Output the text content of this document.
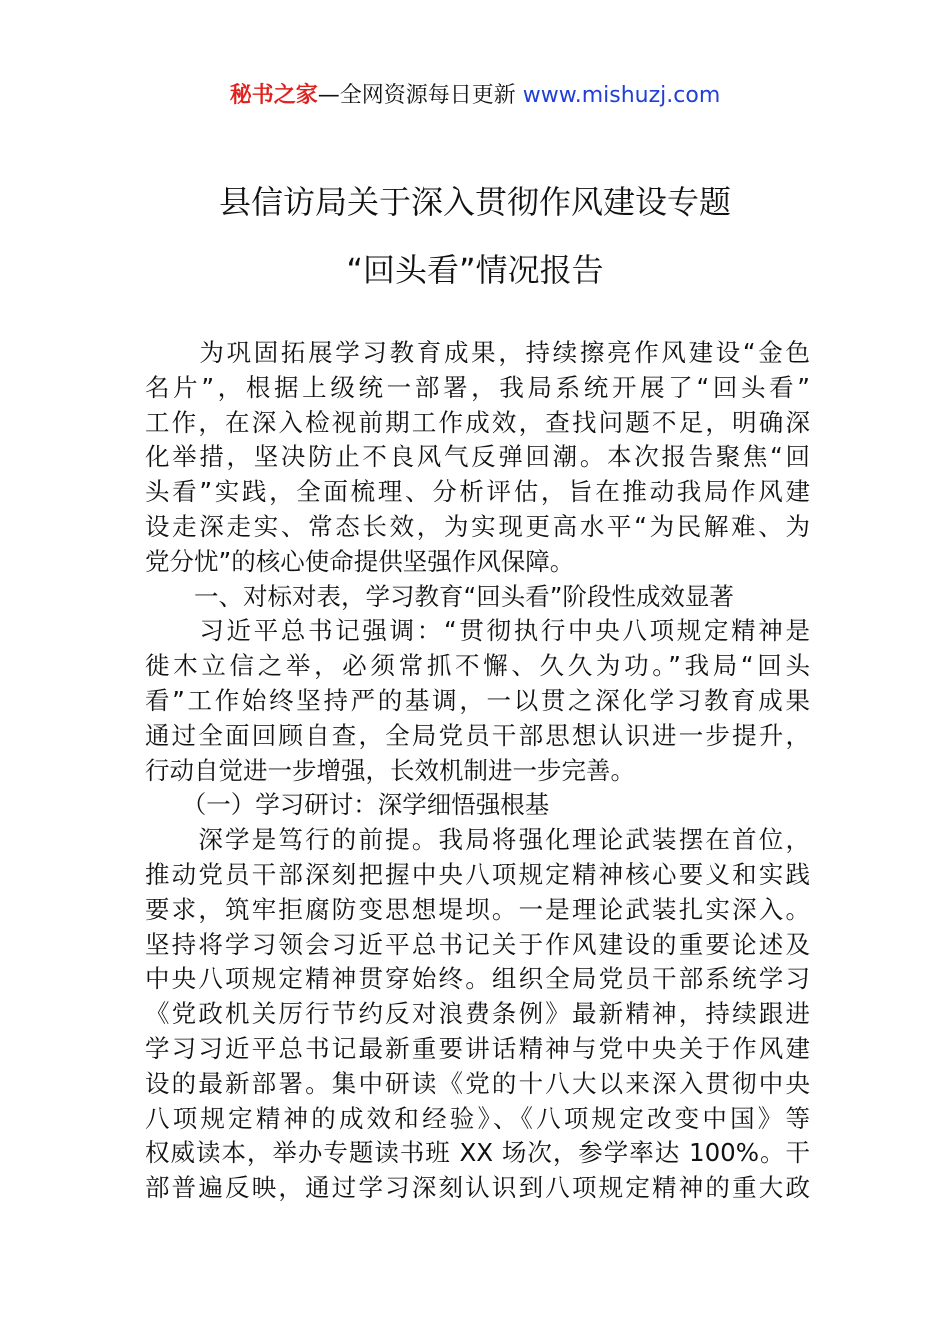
秘书之家—全网资源每日更新 www.mishuzj.com
县信访局关于深入贯彻作风建设专题
“回头看”情况报告
　　为巩固拓展学习教育成果，持续擦亮作风建设“金色
名片”，根据上级统一部署，我局系统开展了“回头看”
工作，在深入检视前期工作成效，查找问题不足，明确深
化举措，坚决防止不良风气反弹回潮。本次报告聚焦“回
头看”实践，全面梳理、分析评估，旨在推动我局作风建
设走深走实、常态长效，为实现更高水平“为民解难、为
党分忧”的核心使命提供坚强作风保障。
　　一、对标对表，学习教育“回头看”阶段性成效显著
　　习近平总书记强调：“贯彻执行中央八项规定精神是
徙木立信之举，必须常抓不懈、久久为功。”我局“回头
看”工作始终坚持严的基调，一以贯之深化学习教育成果
通过全面回顾自查，全局党员干部思想认识进一步提升，
行动自觉进一步增强，长效机制进一步完善。
　　（一）学习研讨：深学细悟强根基
　　深学是笃行的前提。我局将强化理论武装摆在首位，
推动党员干部深刻把握中央八项规定精神核心要义和实践
要求，筑牢拒腐防变思想堤坝。一是理论武装扎实深入。
坚持将学习领会习近平总书记关于作风建设的重要论述及
中央八项规定精神贯穿始终。组织全局党员干部系统学习
《党政机关厉行节约反对浪费条例》最新精神，持续跟进
学习习近平总书记最新重要讲话精神与党中央关于作风建
设的最新部署。集中研读《党的十八大以来深入贯彻中央
八项规定精神的成效和经验》、《八项规定改变中国》等
权威读本，举办专题读书班 XX 场次，参学率达 100%。干
部普遍反映，通过学习深刻认识到八项规定精神的重大政
